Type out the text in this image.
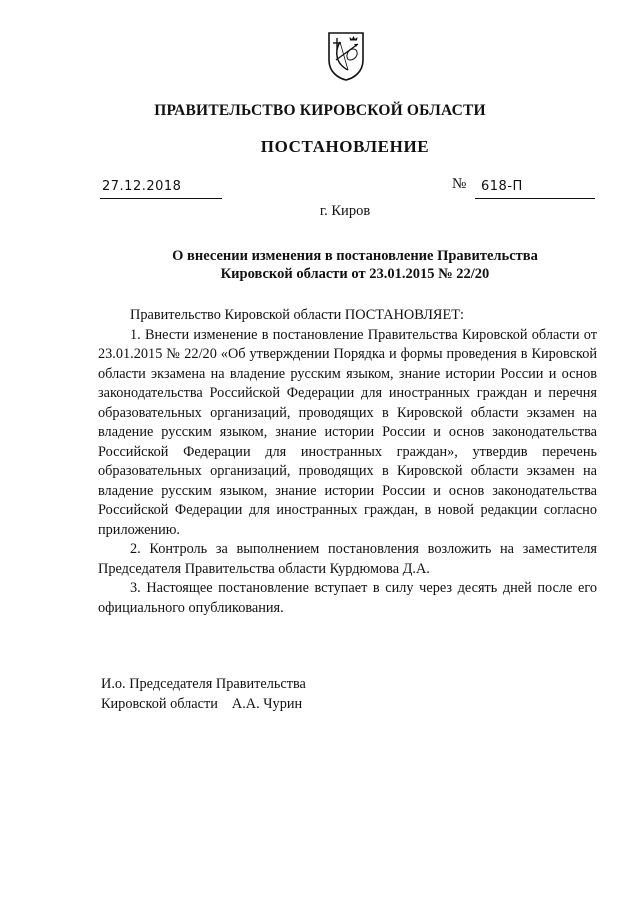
ПРАВИТЕЛЬСТВО КИРОВСКОЙ ОБЛАСТИ
ПОСТАНОВЛЕНИЕ
27.12.2018	№ 618-П
г. Киров
О внесении изменения в постановление Правительства
Кировской области от 23.01.2015 № 22/20

Правительство Кировской области ПОСТАНОВЛЯЕТ:

1. Внести изменение в постановление Правительства Кировской области от 23.01.2015 № 22/20 «Об утверждении Порядка и формы проведения в Кировской области экзамена на владение русским языком, знание истории России и основ законодательства Российской Федерации для иностранных граждан и перечня образовательных организаций, проводящих в Кировской области экзамен на владение русским языком, знание истории России и основ законодательства Российской Федерации для иностранных граждан», утвердив перечень образовательных организаций, проводящих в Кировской области экзамен на владение русским языком, знание истории России и основ законодательства Российской Федерации для иностранных граждан, в новой редакции согласно приложению.

2. Контроль за выполнением постановления возложить на заместителя Председателя Правительства области Курдюмова Д.А.

3. Настоящее постановление вступает в силу через десять дней после его официального опубликования.

И.о. Председателя Правительства
Кировской области А.А. Чурин
